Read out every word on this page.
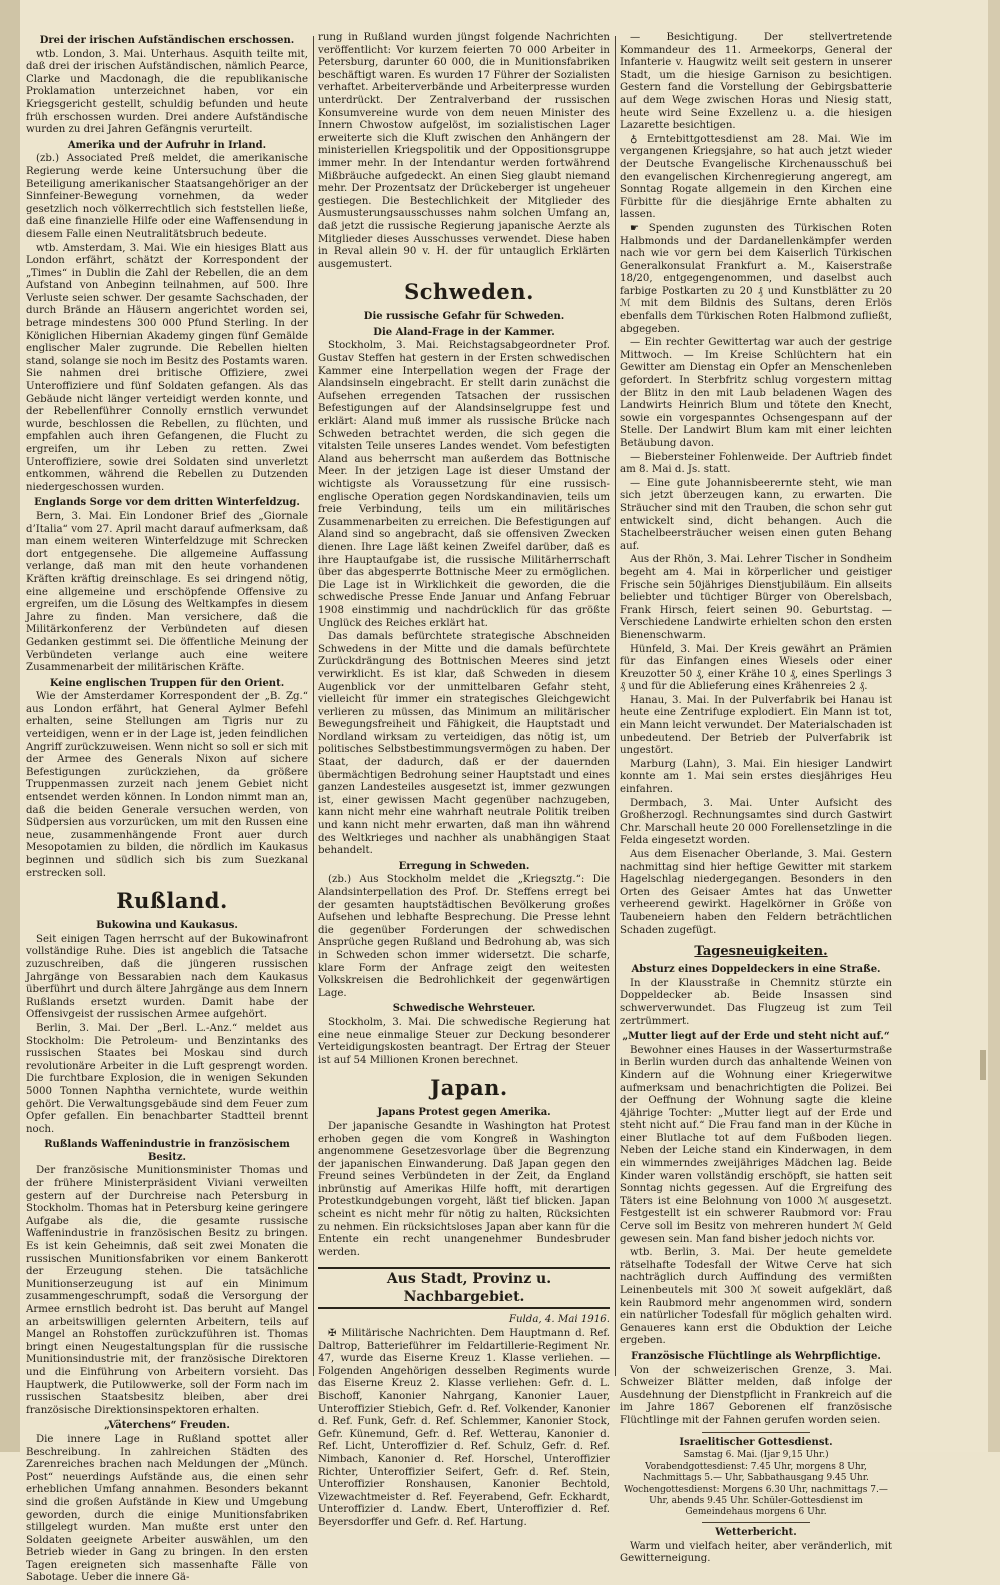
Drei der irischen Aufständischen erschossen.

wtb. London, 3. Mai. Unterhaus. Asquith teilte mit, daß drei der irischen Aufständischen, nämlich Pearce, Clarke und Macdonagh, die die republikanische Proklamation unterzeichnet haben, vor ein Kriegsgericht gestellt, schuldig befunden und heute früh erschossen wurden. Drei andere Aufständische wurden zu drei Jahren Gefängnis verurteilt.

Amerika und der Aufruhr in Irland.

(zb.) Associated Preß meldet, die amerikanische Regierung werde keine Untersuchung über die Beteiligung amerikanischer Staatsangehöriger an der Sinnfeiner-Bewegung vornehmen, da weder gesetzlich noch völkerrechtlich sich feststellen ließe, daß eine finanzielle Hilfe oder eine Waffensendung in diesem Falle einen Neutralitätsbruch bedeute.

wtb. Amsterdam, 3. Mai. Wie ein hiesiges Blatt aus London erfährt, schätzt der Korrespondent der „Times“ in Dublin die Zahl der Rebellen, die an dem Aufstand von Anbeginn teilnahmen, auf 500. Ihre Verluste seien schwer. Der gesamte Sachschaden, der durch Brände an Häusern angerichtet worden sei, betrage mindestens 300 000 Pfund Sterling. In der Königlichen Hibernian Akademy gingen fünf Gemälde englischer Maler zugrunde. Die Rebellen hielten stand, solange sie noch im Besitz des Postamts waren. Sie nahmen drei britische Offiziere, zwei Unteroffiziere und fünf Soldaten gefangen. Als das Gebäude nicht länger verteidigt werden konnte, und der Rebellenführer Connolly ernstlich verwundet wurde, beschlossen die Rebellen, zu flüchten, und empfahlen auch ihren Gefangenen, die Flucht zu ergreifen, um ihr Leben zu retten. Zwei Unteroffiziere, sowie drei Soldaten sind unverletzt entkommen, während die Rebellen zu Dutzenden niedergeschossen wurden.

Englands Sorge vor dem dritten Winterfeldzug.

Bern, 3. Mai. Ein Londoner Brief des „Giornale d’Italia“ vom 27. April macht darauf aufmerksam, daß man einem weiteren Winterfeldzuge mit Schrecken dort entgegensehe. Die allgemeine Auffassung verlange, daß man mit den heute vorhandenen Kräften kräftig dreinschlage. Es sei dringend nötig, eine allgemeine und erschöpfende Offensive zu ergreifen, um die Lösung des Weltkampfes in diesem Jahre zu finden. Man versichere, daß die Militärkonferenz der Verbündeten auf diesen Gedanken gestimmt sei. Die öffentliche Meinung der Verbündeten verlange auch eine weitere Zusammenarbeit der militärischen Kräfte.

Keine englischen Truppen für den Orient.

Wie der Amsterdamer Korrespondent der „B. Zg.“ aus London erfährt, hat General Aylmer Befehl erhalten, seine Stellungen am Tigris nur zu verteidigen, wenn er in der Lage ist, jeden feindlichen Angriff zurückzuweisen. Wenn nicht so soll er sich mit der Armee des Generals Nixon auf sichere Befestigungen zurückziehen, da größere Truppenmassen zurzeit nach jenem Gebiet nicht entsendet werden können. In London nimmt man an, daß die beiden Generale versuchen werden, von Südpersien aus vorzurücken, um mit den Russen eine neue, zusammenhängende Front auer durch Mesopotamien zu bilden, die nördlich im Kaukasus beginnen und südlich sich bis zum Suezkanal erstrecken soll.

Rußland.

Bukowina und Kaukasus.

Seit einigen Tagen herrscht auf der Bukowinafront vollständige Ruhe. Dies ist angeblich die Tatsache zuzuschreiben, daß die jüngeren russischen Jahrgänge von Bessarabien nach dem Kaukasus überführt und durch ältere Jahrgänge aus dem Innern Rußlands ersetzt wurden. Damit habe der Offensivgeist der russischen Armee aufgehört.

Berlin, 3. Mai. Der „Berl. L.-Anz.“ meldet aus Stockholm: Die Petroleum- und Benzintanks des russischen Staates bei Moskau sind durch revolutionäre Arbeiter in die Luft gesprengt worden. Die furchtbare Explosion, die in wenigen Sekunden 5000 Tonnen Naphtha vernichtete, wurde weithin gehört. Die Verwaltungsgebäude sind dem Feuer zum Opfer gefallen. Ein benachbarter Stadtteil brennt noch.

Rußlands Waffenindustrie in französischem Besitz.

Der französische Munitionsminister Thomas und der frühere Ministerpräsident Viviani verweilten gestern auf der Durchreise nach Petersburg in Stockholm. Thomas hat in Petersburg keine geringere Aufgabe als die, die gesamte russische Waffenindustrie in französischen Besitz zu bringen. Es ist kein Geheimnis, daß seit zwei Monaten die russischen Munitionsfabriken vor einem Bankerott der Erzeugung stehen. Die tatsächliche Munitionserzeugung ist auf ein Minimum zusammengeschrumpft, sodaß die Versorgung der Armee ernstlich bedroht ist. Das beruht auf Mangel an arbeitswilligen gelernten Arbeitern, teils auf Mangel an Rohstoffen zurückzuführen ist. Thomas bringt einen Neugestaltungsplan für die russische Munitionsindustrie mit, der französische Direktoren und die Einführung von Arbeitern vorsieht. Das Hauptwerk, die Putilowwerke, soll der Form nach im russischen Staatsbesitz bleiben, aber drei französische Direktionsinspektoren erhalten.

„Väterchens“ Freuden.

Die innere Lage in Rußland spottet aller Beschreibung. In zahlreichen Städten des Zarenreiches brachen nach Meldungen der „Münch. Post“ neuerdings Aufstände aus, die einen sehr erheblichen Umfang annahmen. Besonders bekannt sind die großen Aufstände in Kiew und Umgebung geworden, durch die einige Munitionsfabriken stillgelegt wurden. Man mußte erst unter den Soldaten geeignete Arbeiter auswählen, um den Betrieb wieder in Gang zu bringen. In den ersten Tagen ereigneten sich massenhafte Fälle von Sabotage. Ueber die innere Gä-

rung in Rußland wurden jüngst folgende Nachrichten veröffentlicht: Vor kurzem feierten 70 000 Arbeiter in Petersburg, darunter 60 000, die in Munitionsfabriken beschäftigt waren. Es wurden 17 Führer der Sozialisten verhaftet. Arbeiterverbände und Arbeiterpresse wurden unterdrückt. Der Zentralverband der russischen Konsumvereine wurde von dem neuen Minister des Innern Chwostow aufgelöst, im sozialistischen Lager erweiterte sich die Kluft zwischen den Anhängern der ministeriellen Kriegspolitik und der Oppositionsgruppe immer mehr. In der Intendantur werden fortwährend Mißbräuche aufgedeckt. An einen Sieg glaubt niemand mehr. Der Prozentsatz der Drückeberger ist ungeheuer gestiegen. Die Bestechlichkeit der Mitglieder des Ausmusterungsausschusses nahm solchen Umfang an, daß jetzt die russische Regierung japanische Aerzte als Mitglieder dieses Ausschusses verwendet. Diese haben in Reval allein 90 v. H. der für untauglich Erklärten ausgemustert.

Schweden.

Die russische Gefahr für Schweden.

Die Aland-Frage in der Kammer.

Stockholm, 3. Mai. Reichstagsabgeordneter Prof. Gustav Steffen hat gestern in der Ersten schwedischen Kammer eine Interpellation wegen der Frage der Alandsinseln eingebracht. Er stellt darin zunächst die Aufsehen erregenden Tatsachen der russischen Befestigungen auf der Alandsinselgruppe fest und erklärt: Aland muß immer als russische Brücke nach Schweden betrachtet werden, die sich gegen die vitalsten Teile unseres Landes wendet. Vom befestigten Aland aus beherrscht man außerdem das Bottnische Meer. In der jetzigen Lage ist dieser Umstand der wichtigste als Voraussetzung für eine russisch-englische Operation gegen Nordskandinavien, teils um freie Verbindung, teils um ein militärisches Zusammenarbeiten zu erreichen. Die Befestigungen auf Aland sind so angebracht, daß sie offensiven Zwecken dienen. Ihre Lage läßt keinen Zweifel darüber, daß es ihre Hauptaufgabe ist, die russische Militärherrschaft über das abgesperrte Bottnische Meer zu ermöglichen. Die Lage ist in Wirklichkeit die geworden, die die schwedische Presse Ende Januar und Anfang Februar 1908 einstimmig und nachdrücklich für das größte Unglück des Reiches erklärt hat.

Das damals befürchtete strategische Abschneiden Schwedens in der Mitte und die damals befürchtete Zurückdrängung des Bottnischen Meeres sind jetzt verwirklicht. Es ist klar, daß Schweden in diesem Augenblick vor der unmittelbaren Gefahr steht, vielleicht für immer ein strategisches Gleichgewicht verlieren zu müssen, das Minimum an militärischer Bewegungsfreiheit und Fähigkeit, die Hauptstadt und Nordland wirksam zu verteidigen, das nötig ist, um politisches Selbstbestimmungsvermögen zu haben. Der Staat, der dadurch, daß er der dauernden übermächtigen Bedrohung seiner Hauptstadt und eines ganzen Landesteiles ausgesetzt ist, immer gezwungen ist, einer gewissen Macht gegenüber nachzugeben, kann nicht mehr eine wahrhaft neutrale Politik treiben und kann nicht mehr erwarten, daß man ihn während des Weltkrieges und nachher als unabhängigen Staat behandelt.

Erregung in Schweden.

(zb.) Aus Stockholm meldet die „Kriegsztg.“: Die Alandsinterpellation des Prof. Dr. Steffens erregt bei der gesamten hauptstädtischen Bevölkerung großes Aufsehen und lebhafte Besprechung. Die Presse lehnt die gegenüber Forderungen der schwedischen Ansprüche gegen Rußland und Bedrohung ab, was sich in Schweden schon immer widersetzt. Die scharfe, klare Form der Anfrage zeigt den weitesten Volkskreisen die Bedrohlichkeit der gegenwärtigen Lage.

Schwedische Wehrsteuer.

Stockholm, 3. Mai. Die schwedische Regierung hat eine neue einmalige Steuer zur Deckung besonderer Verteidigungskosten beantragt. Der Ertrag der Steuer ist auf 54 Millionen Kronen berechnet.

Japan.

Japans Protest gegen Amerika.

Der japanische Gesandte in Washington hat Protest erhoben gegen die vom Kongreß in Washington angenommene Gesetzesvorlage über die Begrenzung der japanischen Einwanderung. Daß Japan gegen den Freund seines Verbündeten in der Zeit, da England inbrünstig auf Amerikas Hilfe hofft, mit derartigen Protestkundgebungen vorgeht, läßt tief blicken. Japan scheint es nicht mehr für nötig zu halten, Rücksichten zu nehmen. Ein rücksichtsloses Japan aber kann für die Entente ein recht unangenehmer Bundesbruder werden.

Aus Stadt, Provinz u. Nachbargebiet.

Fulda, 4. Mai 1916.

✠ Militärische Nachrichten. Dem Hauptmann d. Ref. Daltrop, Batterieführer im Feldartillerie-Regiment Nr. 47, wurde das Eiserne Kreuz 1. Klasse verliehen. — Folgenden Angehörigen desselben Regiments wurde das Eiserne Kreuz 2. Klasse verliehen: Gefr. d. L. Bischoff, Kanonier Nahrgang, Kanonier Lauer, Unteroffizier Stiebich, Gefr. d. Ref. Volkender, Kanonier d. Ref. Funk, Gefr. d. Ref. Schlemmer, Kanonier Stock, Gefr. Künemund, Gefr. d. Ref. Wetterau, Kanonier d. Ref. Licht, Unteroffizier d. Ref. Schulz, Gefr. d. Ref. Nimbach, Kanonier d. Ref. Horschel, Unteroffizier Richter, Unteroffizier Seifert, Gefr. d. Ref. Stein, Unteroffizier Ronshausen, Kanonier Bechtold, Vizewachtmeister d. Ref. Feyerabend, Gefr. Eckhardt, Unteroffizier d. Landw. Ebert, Unteroffizier d. Ref. Beyersdorffer und Gefr. d. Ref. Hartung.

— Besichtigung. Der stellvertretende Kommandeur des 11. Armeekorps, General der Infanterie v. Haugwitz weilt seit gestern in unserer Stadt, um die hiesige Garnison zu besichtigen. Gestern fand die Vorstellung der Gebirgsbatterie auf dem Wege zwischen Horas und Niesig statt, heute wird Seine Exzellenz u. a. die hiesigen Lazarette besichtigen.

♁ Erntebittgottesdienst am 28. Mai. Wie im vergangenen Kriegsjahre, so hat auch jetzt wieder der Deutsche Evangelische Kirchenausschuß bei den evangelischen Kirchenregierung angeregt, am Sonntag Rogate allgemein in den Kirchen eine Fürbitte für die diesjährige Ernte abhalten zu lassen.

☛ Spenden zugunsten des Türkischen Roten Halbmonds und der Dardanellenkämpfer werden nach wie vor gern bei dem Kaiserlich Türkischen Generalkonsulat Frankfurt a. M., Kaiserstraße 18/20, entgegengenommen, und daselbst auch farbige Postkarten zu 20 ₰ und Kunstblätter zu 20 ℳ mit dem Bildnis des Sultans, deren Erlös ebenfalls dem Türkischen Roten Halbmond zufließt, abgegeben.

— Ein rechter Gewittertag war auch der gestrige Mittwoch. — Im Kreise Schlüchtern hat ein Gewitter am Dienstag ein Opfer an Menschenleben gefordert. In Sterbfritz schlug vorgestern mittag der Blitz in den mit Laub beladenen Wagen des Landwirts Heinrich Blum und tötete den Knecht, sowie ein vorgespanntes Ochsengespann auf der Stelle. Der Landwirt Blum kam mit einer leichten Betäubung davon.

— Biebersteiner Fohlenweide. Der Auftrieb findet am 8. Mai d. Js. statt.

— Eine gute Johannisbeerernte steht, wie man sich jetzt überzeugen kann, zu erwarten. Die Sträucher sind mit den Trauben, die schon sehr gut entwickelt sind, dicht behangen. Auch die Stachelbeersträucher weisen einen guten Behang auf.

Aus der Rhön, 3. Mai. Lehrer Tischer in Sondheim begeht am 4. Mai in körperlicher und geistiger Frische sein 50jähriges Dienstjubiläum. Ein allseits beliebter und tüchtiger Bürger von Oberelsbach, Frank Hirsch, feiert seinen 90. Geburtstag. — Verschiedene Landwirte erhielten schon den ersten Bienenschwarm.

Hünfeld, 3. Mai. Der Kreis gewährt an Prämien für das Einfangen eines Wiesels oder einer Kreuzotter 50 ₰, einer Krähe 10 ₰, eines Sperlings 3 ₰ und für die Ablieferung eines Krähenreies 2 ₰.

Hanau, 3. Mai. In der Pulverfabrik bei Hanau ist heute eine Zentrifuge explodiert. Ein Mann ist tot, ein Mann leicht verwundet. Der Materialschaden ist unbedeutend. Der Betrieb der Pulverfabrik ist ungestört.

Marburg (Lahn), 3. Mai. Ein hiesiger Landwirt konnte am 1. Mai sein erstes diesjähriges Heu einfahren.

Dermbach, 3. Mai. Unter Aufsicht des Großherzogl. Rechnungsamtes sind durch Gastwirt Chr. Marschall heute 20 000 Forellensetzlinge in die Felda eingesetzt worden.

Aus dem Eisenacher Oberlande, 3. Mai. Gestern nachmittag sind hier heftige Gewitter mit starkem Hagelschlag niedergegangen. Besonders in den Orten des Geisaer Amtes hat das Unwetter verheerend gewirkt. Hagelkörner in Größe von Taubeneiern haben den Feldern beträchtlichen Schaden zugefügt.

Tagesneuigkeiten.

Absturz eines Doppeldeckers in eine Straße.

In der Klausstraße in Chemnitz stürzte ein Doppeldecker ab. Beide Insassen sind schwerverwundet. Das Flugzeug ist zum Teil zertrümmert.

„Mutter liegt auf der Erde und steht nicht auf.“

Bewohner eines Hauses in der Wasserturmstraße in Berlin wurden durch das anhaltende Weinen von Kindern auf die Wohnung einer Kriegerwitwe aufmerksam und benachrichtigten die Polizei. Bei der Oeffnung der Wohnung sagte die kleine 4jährige Tochter: „Mutter liegt auf der Erde und steht nicht auf.“ Die Frau fand man in der Küche in einer Blutlache tot auf dem Fußboden liegen. Neben der Leiche stand ein Kinderwagen, in dem ein wimmerndes zweijähriges Mädchen lag. Beide Kinder waren vollständig erschöpft, sie hatten seit Sonntag nichts gegessen. Auf die Ergreifung des Täters ist eine Belohnung von 1000 ℳ ausgesetzt. Festgestellt ist ein schwerer Raubmord vor: Frau Cerve soll im Besitz von mehreren hundert ℳ Geld gewesen sein. Man fand bisher jedoch nichts vor.

wtb. Berlin, 3. Mai. Der heute gemeldete rätselhafte Todesfall der Witwe Cerve hat sich nachträglich durch Auffindung des vermißten Leinenbeutels mit 300 ℳ soweit aufgeklärt, daß kein Raubmord mehr angenommen wird, sondern ein natürlicher Todesfall für möglich gehalten wird. Genaueres kann erst die Obduktion der Leiche ergeben.

Französische Flüchtlinge als Wehrpflichtige.

Von der schweizerischen Grenze, 3. Mai. Schweizer Blätter melden, daß infolge der Ausdehnung der Dienstpflicht in Frankreich auf die im Jahre 1867 Geborenen elf französische Flüchtlinge mit der Fahnen gerufen worden seien.

Israelitischer Gottesdienst.

Samstag 6. Mai. (Ijar 9,15 Uhr.)

Vorabendgottesdienst: 7.45 Uhr, morgens 8 Uhr, Nachmittags 5.— Uhr, Sabbathausgang 9.45 Uhr.

Wochengottesdienst: Morgens 6.30 Uhr, nachmittags 7.— Uhr, abends 9.45 Uhr. Schüler-Gottesdienst im Gemeindehaus morgens 6 Uhr.

Wetterbericht.

Warm und vielfach heiter, aber veränderlich, mit Gewitterneigung.
